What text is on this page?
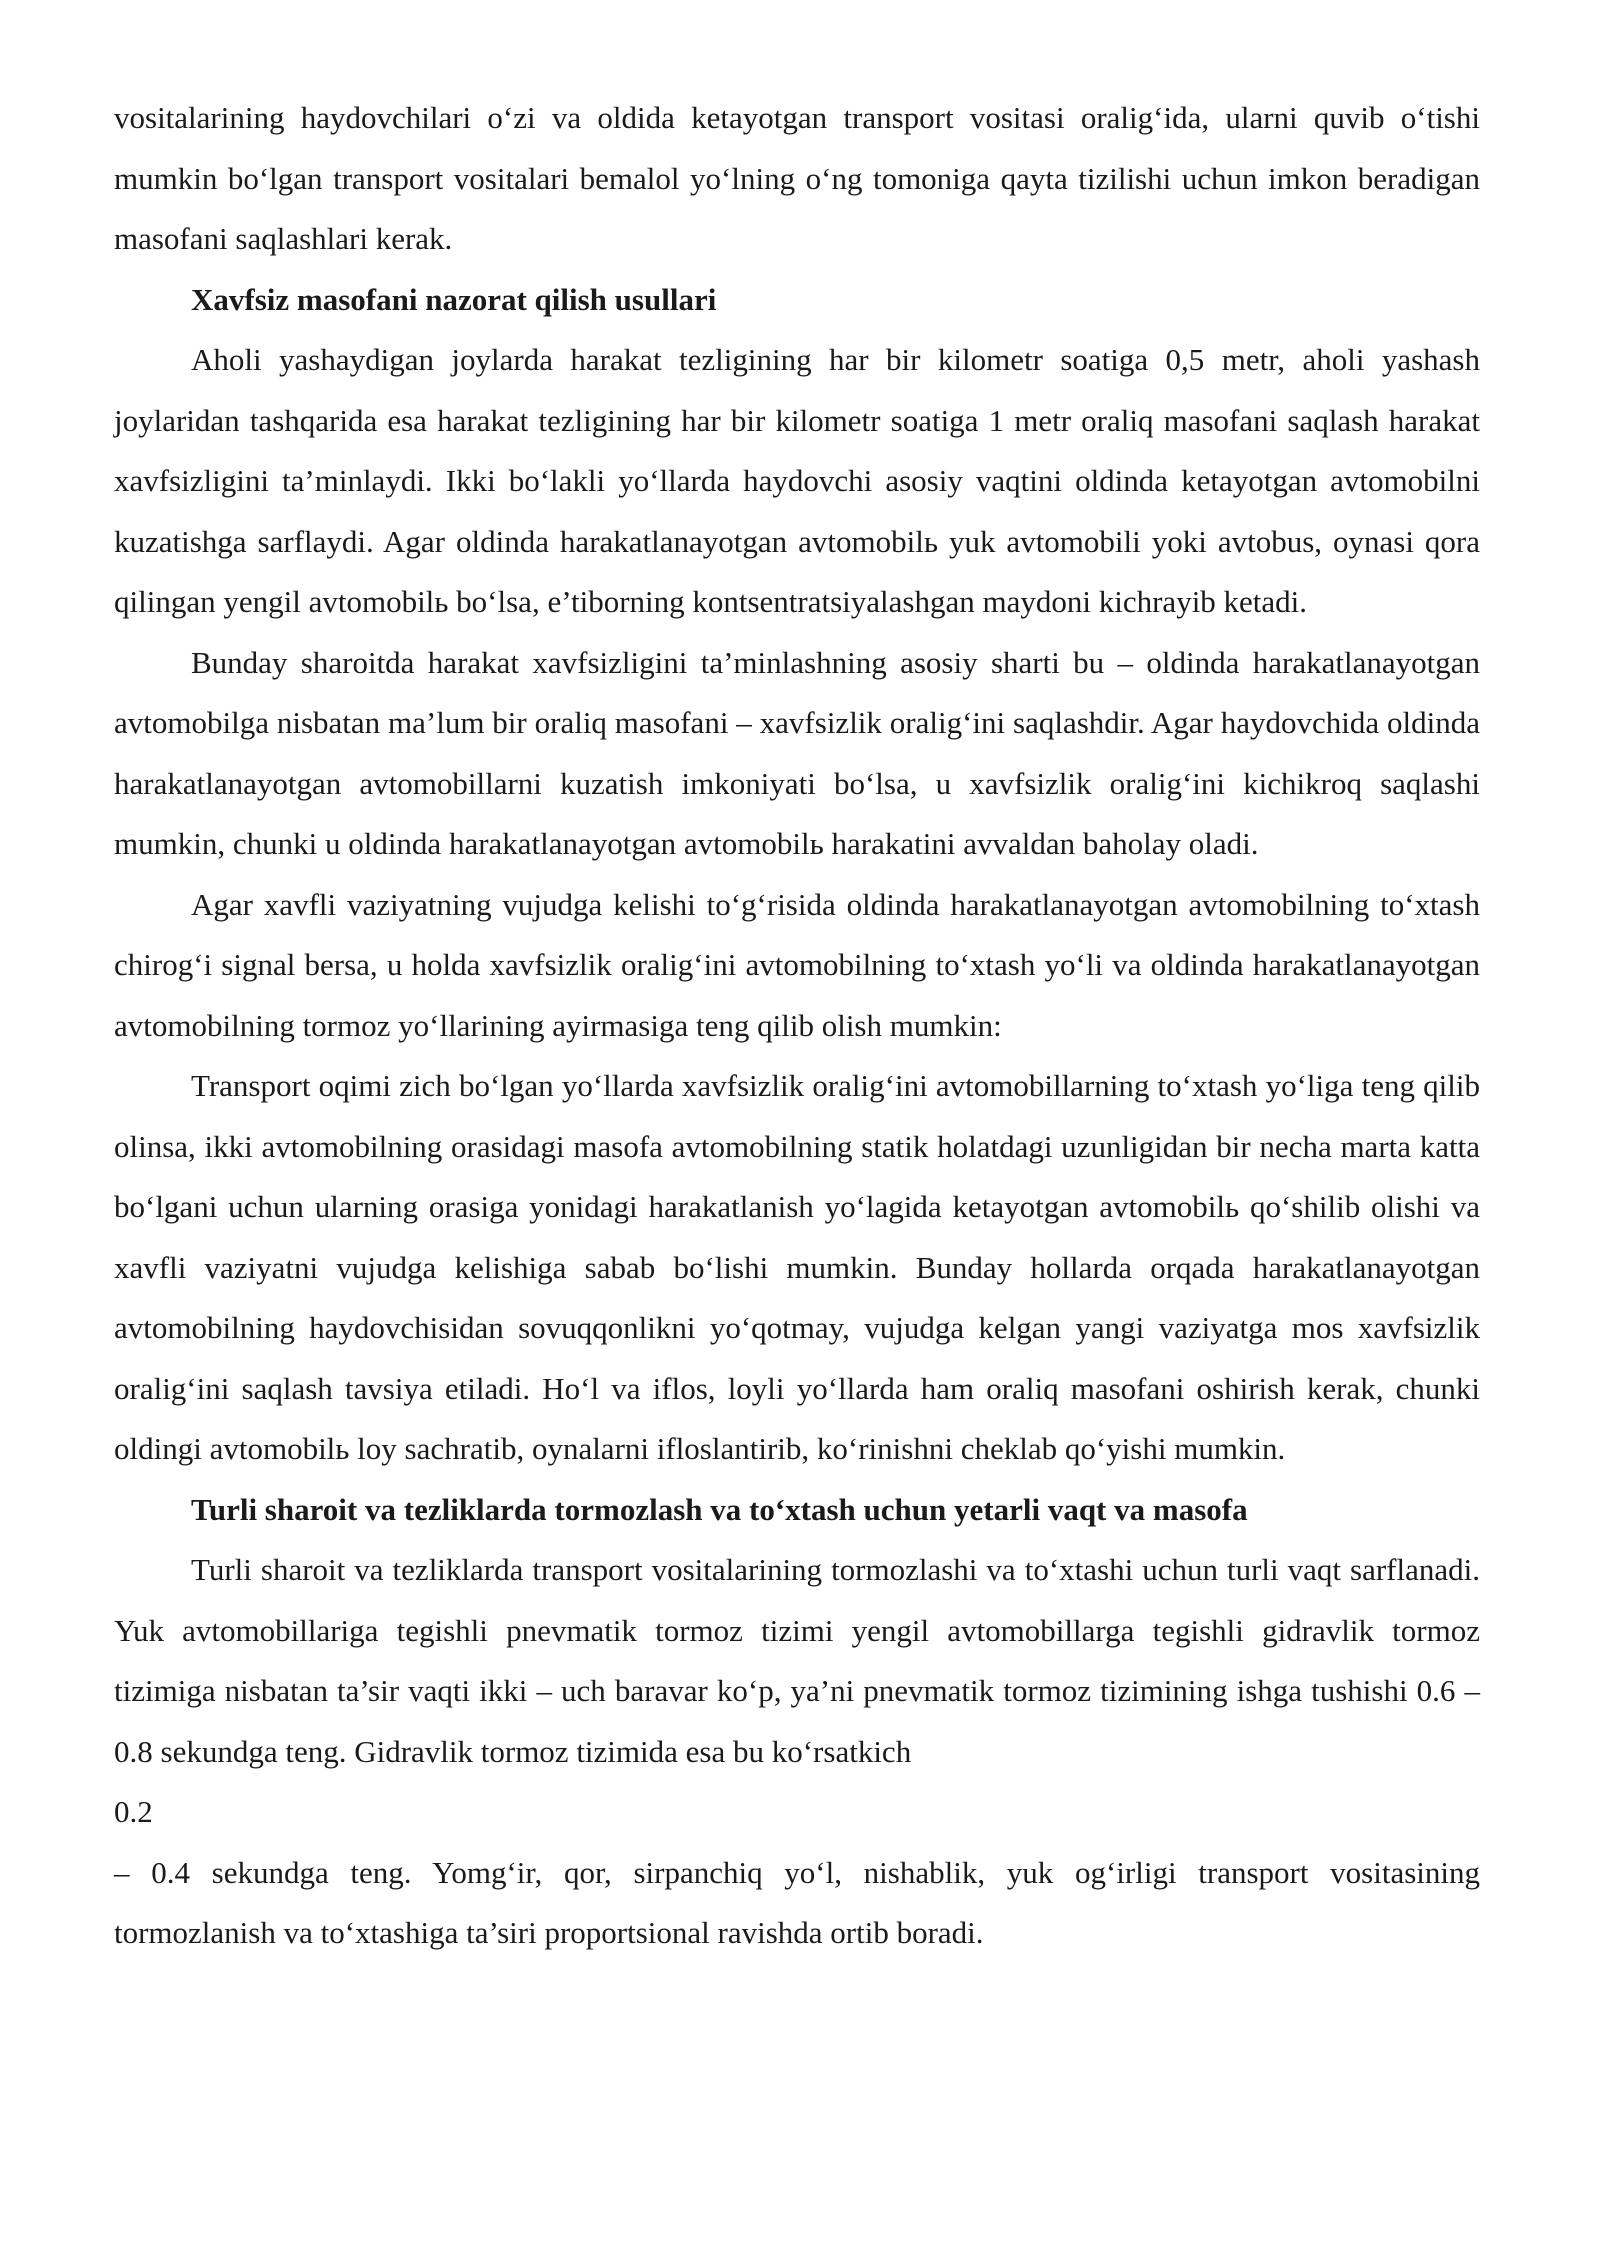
vositalarining haydovchilari o‘zi va oldida ketayotgan transport vositasi oralig‘ida, ularni quvib o‘tishi mumkin bo‘lgan transport vositalari bemalol yo‘lning o‘ng tomoniga qayta tizilishi uchun imkon beradigan masofani saqlashlari kerak.

Xavfsiz masofani nazorat qilish usullari

Aholi yashaydigan joylarda harakat tezligining har bir kilometr soatiga 0,5 metr, aholi yashash joylaridan tashqarida esa harakat tezligining har bir kilometr soatiga 1 metr oraliq masofani saqlash harakat xavfsizligini ta’minlaydi. Ikki bo‘lakli yo‘llarda haydovchi asosiy vaqtini oldinda ketayotgan avtomobilni kuzatishga sarflaydi. Agar oldinda harakatlanayotgan avtomobilь yuk avtomobili yoki avtobus, oynasi qora qilingan yengil avtomobilь bo‘lsa, e’tiborning kontsentratsiyalashgan maydoni kichrayib ketadi.

Bunday sharoitda harakat xavfsizligini ta’minlashning asosiy sharti bu – oldinda harakatlanayotgan avtomobilga nisbatan ma’lum bir oraliq masofani – xavfsizlik oralig‘ini saqlashdir. Agar haydovchida oldinda harakatlanayotgan avtomobillarni kuzatish imkoniyati bo‘lsa, u xavfsizlik oralig‘ini kichikroq saqlashi mumkin, chunki u oldinda harakatlanayotgan avtomobilь harakatini avvaldan baholay oladi.

Agar xavfli vaziyatning vujudga kelishi to‘g‘risida oldinda harakatlanayotgan avtomobilning to‘xtash chirog‘i signal bersa, u holda xavfsizlik oralig‘ini avtomobilning to‘xtash yo‘li va oldinda harakatlanayotgan avtomobilning tormoz yo‘llarining ayirmasiga teng qilib olish mumkin:

Transport oqimi zich bo‘lgan yo‘llarda xavfsizlik oralig‘ini avtomobillarning to‘xtash yo‘liga teng qilib olinsa, ikki avtomobilning orasidagi masofa avtomobilning statik holatdagi uzunligidan bir necha marta katta bo‘lgani uchun ularning orasiga yonidagi harakatlanish yo‘lagida ketayotgan avtomobilь qo‘shilib olishi va xavfli vaziyatni vujudga kelishiga sabab bo‘lishi mumkin. Bunday hollarda orqada harakatlanayotgan avtomobilning haydovchisidan sovuqqonlikni yo‘qotmay, vujudga kelgan yangi vaziyatga mos xavfsizlik oralig‘ini saqlash tavsiya etiladi. Ho‘l va iflos, loyli yo‘llarda ham oraliq masofani oshirish kerak, chunki oldingi avtomobilь loy sachratib, oynalarni ifloslantirib, ko‘rinishni cheklab qo‘yishi mumkin.

Turli sharoit va tezliklarda tormozlash va to‘xtash uchun yetarli vaqt va masofa

Turli sharoit va tezliklarda transport vositalarining tormozlashi va to‘xtashi uchun turli vaqt sarflanadi. Yuk avtomobillariga tegishli pnevmatik tormoz tizimi yengil avtomobillarga tegishli gidravlik tormoz tizimiga nisbatan ta’sir vaqti ikki – uch baravar ko‘p, ya’ni pnevmatik tormoz tizimining ishga tushishi 0.6 – 0.8 sekundga teng. Gidravlik tormoz tizimida esa bu ko‘rsatkich

0.2

– 0.4 sekundga teng. Yomg‘ir, qor, sirpanchiq yo‘l, nishablik, yuk og‘irligi transport vositasining tormozlanish va to‘xtashiga ta’siri proportsional ravishda ortib boradi.
